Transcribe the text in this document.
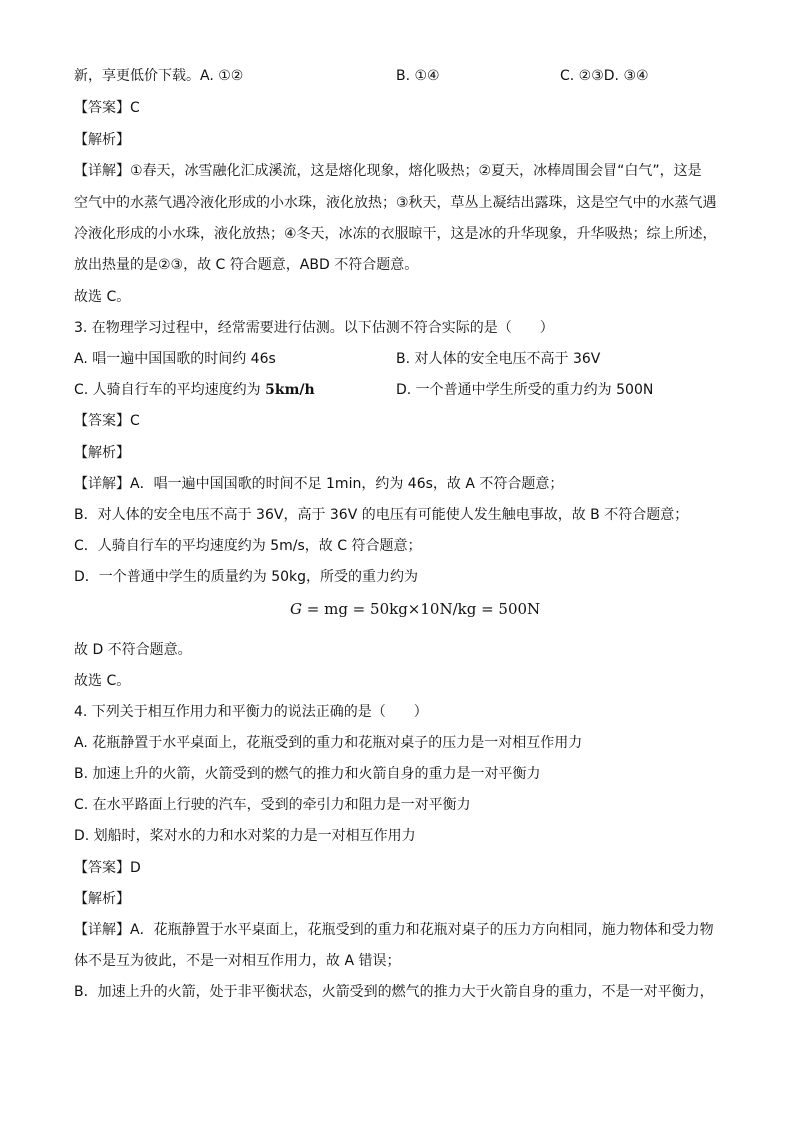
新，享更低价下载。A. ①②	B. ①④	C. ②③D. ③④
【答案】C
【解析】
【详解】①春天，冰雪融化汇成溪流，这是熔化现象，熔化吸热；②夏天，冰棒周围会冒“白气”，这是
空气中的水蒸气遇冷液化形成的小水珠，液化放热；③秋天，草丛上凝结出露珠，这是空气中的水蒸气遇
冷液化形成的小水珠，液化放热；④冬天，冰冻的衣服晾干，这是冰的升华现象，升华吸热；综上所述，
放出热量的是②③，故 C 符合题意，ABD 不符合题意。
故选 C。
3. 在物理学习过程中，经常需要进行估测。以下估测不符合实际的是（　　）
A. 唱一遍中国国歌的时间约 46s	B. 对人体的安全电压不高于 36V
C. 人骑自行车的平均速度约为 5km/h	D. 一个普通中学生所受的重力约为 500N
【答案】C
【解析】
【详解】A．唱一遍中国国歌的时间不足 1min，约为 46s，故 A 不符合题意；
B．对人体的安全电压不高于 36V，高于 36V 的电压有可能使人发生触电事故，故 B 不符合题意；
C．人骑自行车的平均速度约为 5m/s，故 C 符合题意；
D．一个普通中学生的质量约为 50kg，所受的重力约为
G = mg = 50kg×10N/kg = 500N
故 D 不符合题意。
故选 C。
4. 下列关于相互作用力和平衡力的说法正确的是（　　）
A. 花瓶静置于水平桌面上，花瓶受到的重力和花瓶对桌子的压力是一对相互作用力
B. 加速上升的火箭，火箭受到的燃气的推力和火箭自身的重力是一对平衡力
C. 在水平路面上行驶的汽车，受到的牵引力和阻力是一对平衡力
D. 划船时，桨对水的力和水对桨的力是一对相互作用力
【答案】D
【解析】
【详解】A．花瓶静置于水平桌面上，花瓶受到的重力和花瓶对桌子的压力方向相同，施力物体和受力物
体不是互为彼此，不是一对相互作用力，故 A 错误；
B．加速上升的火箭，处于非平衡状态，火箭受到的燃气的推力大于火箭自身的重力，不是一对平衡力，
